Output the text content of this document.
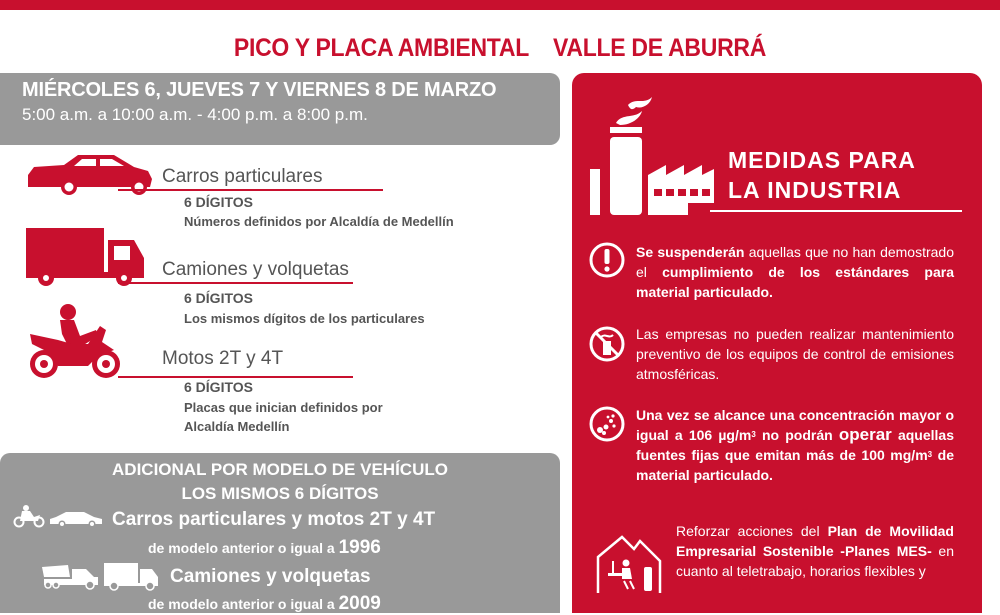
PICO Y PLACA AMBIENTAL    VALLE DE ABURRÁ
MIÉRCOLES 6, JUEVES 7 Y VIERNES 8 DE MARZO
5:00 a.m. a 10:00 a.m. - 4:00 p.m. a 8:00 p.m.
Carros particulares
6 DÍGITOS
Números definidos por Alcaldía de Medellín
Camiones y volquetas
6 DÍGITOS
Los mismos dígitos de los particulares
Motos 2T y 4T
6 DÍGITOS
Placas que inician definidos por
Alcaldía Medellín
ADICIONAL POR MODELO DE VEHÍCULO
LOS MISMOS 6 DÍGITOS
Carros particulares y motos 2T y 4T
de modelo anterior o igual a 1996
Camiones y volquetas
de modelo anterior o igual a 2009
MEDIDAS PARA
LA INDUSTRIA
Se suspenderán aquellas que no han demostrado el cumplimiento de los estándares para material particulado.
Las empresas no pueden realizar mantenimiento preventivo de los equipos de control de emisiones atmosféricas.
Una vez se alcance una concentración mayor o igual a 106 $\mu g/m^3$ no podrán operar aquellas fuentes fijas que emitan más de 100 $mg/m^3$ de material particulado.
Reforzar acciones del Plan de Movilidad Empresarial Sostenible -Planes MES- en cuanto al teletrabajo, horarios flexibles y
